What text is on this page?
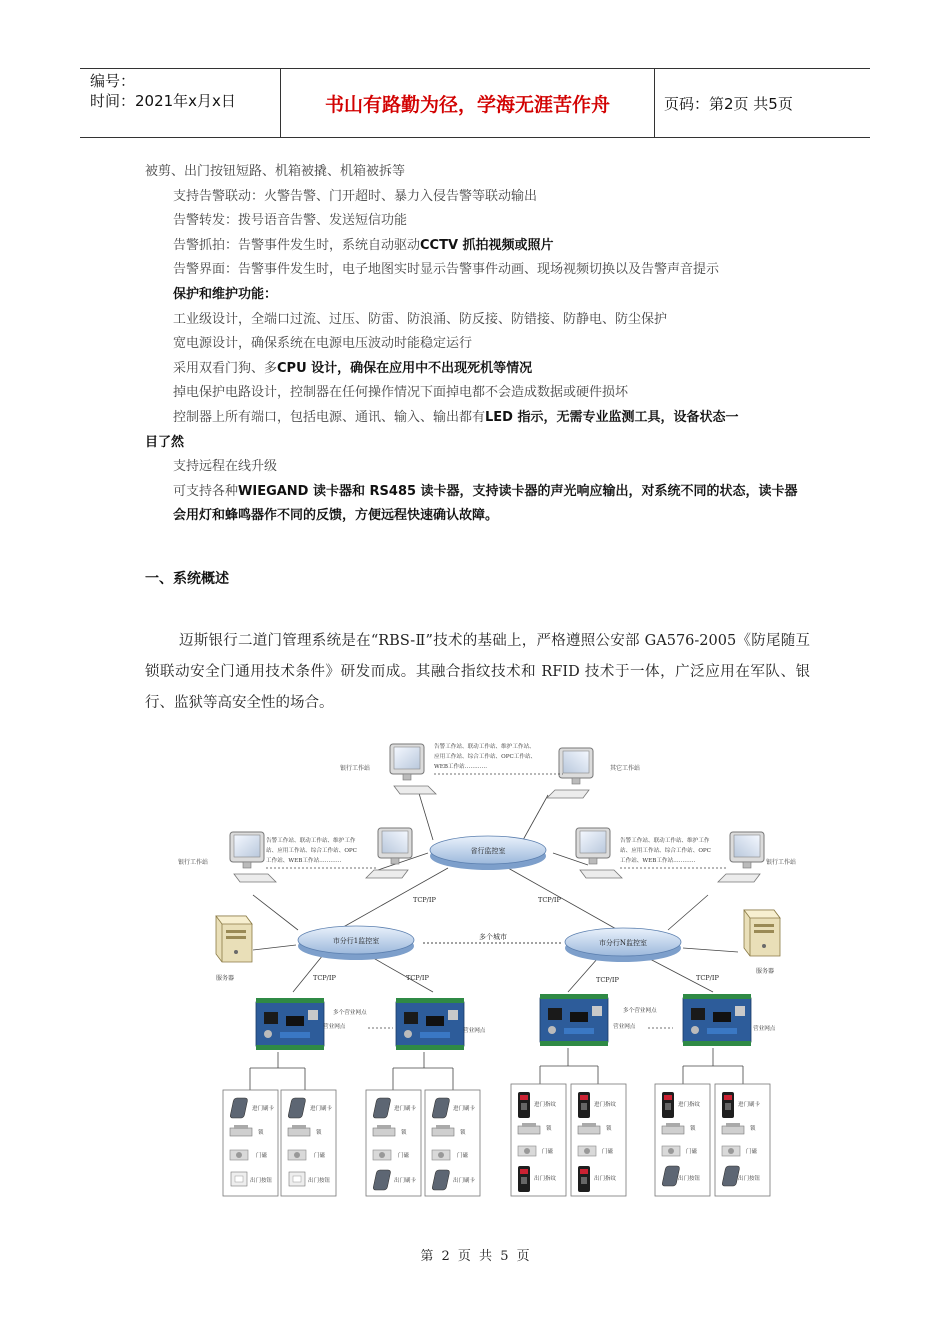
编号：
时间：2021年x月x日	书山有路勤为径，学海无涯苦作舟	页码：第2页 共5页

被剪、出门按钮短路、机箱被撬、机箱被拆等

支持告警联动：火警告警、门开超时、暴力入侵告警等联动输出

告警转发：拨号语音告警、发送短信功能

告警抓拍：告警事件发生时，系统自动驱动CCTV 抓拍视频或照片

告警界面：告警事件发生时，电子地图实时显示告警事件动画、现场视频切换以及告警声音提示

保护和维护功能：

工业级设计，全端口过流、过压、防雷、防浪涌、防反接、防错接、防静电、防尘保护

宽电源设计，确保系统在电源电压波动时能稳定运行

采用双看门狗、多CPU 设计，确保在应用中不出现死机等情况

掉电保护电路设计，控制器在任何操作情况下面掉电都不会造成数据或硬件损坏

控制器上所有端口，包括电源、通讯、输入、输出都有LED 指示，无需专业监测工具，设备状态一

目了然

支持远程在线升级

可支持各种WIEGAND 读卡器和 RS485 读卡器，支持读卡器的声光响应输出，对系统不同的状态，读卡器会用灯和蜂鸣器作不同的反馈，方便远程快速确认故障。

一、系统概述
迈斯银行二道门管理系统是在“RBS-Ⅱ”技术的基础上，严格遵照公安部 GA576-2005《防尾随互锁联动安全门通用技术条件》研发而成。其融合指纹技术和 RFID 技术于一体，广泛应用在军队、银行、监狱等高安全性的场合。
省行监控室
市分行1监控室	市分行N监控室
多个城市
TCP/IP	TCP/IP
TCP/IP	TCP/IP	TCP/IP	TCP/IP
银行工作站	其它工作站
告警工作站、联动工作站、维护工作站、
应用工作站、综合工作站、OPC工作站、
WEB工作站…………
银行工作站
告警工作站、联动工作站、维护工作
站、应用工作站、综合工作站、OPC
工作站、WEB工作站…………	银行工作站
告警工作站、联动工作站、维护工作
站、应用工作站、综合工作站、OPC
工作站、WEB工作站…………
服务器
服务器
多个营业网点
营业网点
营业网点
多个营业网点
营业网点	营业网点
进门刷卡
锁
门磁
出门按钮
进门刷卡
锁
门磁
出门按钮
进门刷卡
锁
门磁
出门刷卡
进门刷卡
锁
门磁
出门刷卡
进门指纹
锁
门磁
出门指纹
进门指纹
锁
门磁
出门指纹
进门指纹
锁
门磁
出门按钮
进门刷卡
锁
门磁
出门按钮
第 2 页 共 5 页
